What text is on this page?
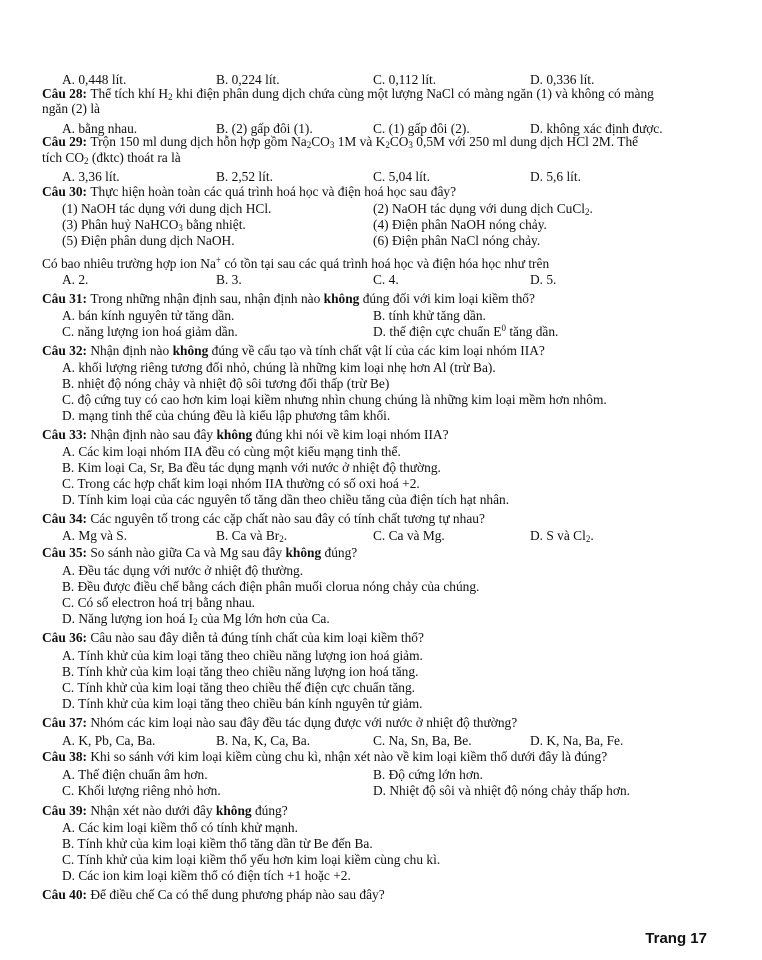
A. 0,448 lít.	B. 0,224 lít.	C. 0,112 lít.	D. 0,336 lít.
Câu 28: Thể tích khí $H_2$ khi điện phân dung dịch chứa cùng một lượng NaCl có màng ngăn (1) và không có màng
ngăn (2) là
A. bằng nhau.	B. (2) gấp đôi (1).	C. (1) gấp đôi (2).	D. không xác định được.
Câu 29: Trộn 150 ml dung dịch hỗn hợp gồm $Na_2CO_3$ 1M và $K_2CO_3$ 0,5M với 250 ml dung dịch HCl 2M. Thể
tích $CO_2$ (đktc) thoát ra là
A. 3,36 lít.	B. 2,52 lít.	C. 5,04 lít.	D. 5,6 lít.
Câu 30: Thực hiện hoàn toàn các quá trình hoá học và điện hoá học sau đây?
(1) NaOH tác dụng với dung dịch HCl.	(2) NaOH tác dụng với dung dịch CuCl$_2$.
(3) Phân huỷ NaHCO$_3$ bằng nhiệt.	(4) Điện phân NaOH nóng chảy.
(5) Điện phân dung dịch NaOH.	(6) Điện phân NaCl nóng chảy.
Có bao nhiêu trường hợp ion Na+ có tồn tại sau các quá trình hoá học và điện hóa học như trên
A. 2.	B. 3.	C. 4.	D. 5.
Câu 31: Trong những nhận định sau, nhận định nào không đúng đối với kim loại kiềm thổ?
A. bán kính nguyên tử tăng dần.	B. tính khử tăng dần.
C. năng lượng ion hoá giảm dần.	D. thế điện cực chuẩn $E^0$ tăng dần.
Câu 32: Nhận định nào không đúng về cấu tạo và tính chất vật lí của các kim loại nhóm IIA?
A. khối lượng riêng tương đối nhỏ, chúng là những kim loại nhẹ hơn Al (trừ Ba).
B. nhiệt độ nóng chảy và nhiệt độ sôi tương đối thấp (trừ Be)
C. độ cứng tuy có cao hơn kim loại kiềm nhưng nhìn chung chúng là những kim loại mềm hơn nhôm.
D. mạng tinh thể của chúng đều là kiểu lập phương tâm khối.
Câu 33: Nhận định nào sau đây không đúng khi nói về kim loại nhóm IIA?
A. Các kim loại nhóm IIA đều có cùng một kiểu mạng tinh thể.
B. Kim loại Ca, Sr, Ba đều tác dụng mạnh với nước ở nhiệt độ thường.
C. Trong các hợp chất kim loại nhóm IIA thường có số oxi hoá +2.
D. Tính kim loại của các nguyên tố tăng dần theo chiều tăng của điện tích hạt nhân.
Câu 34: Các nguyên tố trong các cặp chất nào sau đây có tính chất tương tự nhau?
A. Mg và S.	B. Ca và $Br_2$.	C. Ca và Mg.	D. S và $Cl_2$.
Câu 35: So sánh nào giữa Ca và Mg sau đây không đúng?
A. Đều tác dụng với nước ở nhiệt độ thường.
B. Đều được điều chế bằng cách điện phân muối clorua nóng chảy của chúng.
C. Có số electron hoá trị bằng nhau.
D. Năng lượng ion hoá $I_2$ của Mg lớn hơn của Ca.
Câu 36: Câu nào sau đây diễn tả đúng tính chất của kim loại kiềm thổ?
A. Tính khử của kim loại tăng theo chiều năng lượng ion hoá giảm.
B. Tính khử của kim loại tăng theo chiều năng lượng ion hoá tăng.
C. Tính khử của kim loại tăng theo chiều thế điện cực chuẩn tăng.
D. Tính khử của kim loại tăng theo chiều bán kính nguyên tử giảm.
Câu 37: Nhóm các kim loại nào sau đây đều tác dụng được với nước ở nhiệt độ thường?
A. K, Pb, Ca, Ba.	B. Na, K, Ca, Ba.	C. Na, Sn, Ba, Be.	D. K, Na, Ba, Fe.
Câu 38: Khi so sánh với kim loại kiềm cùng chu kì, nhận xét nào về kim loại kiềm thổ dưới đây là đúng?
A. Thế điện chuẩn âm hơn.	B. Độ cứng lớn hơn.
C. Khối lượng riêng nhỏ hơn.	D. Nhiệt độ sôi và nhiệt độ nóng chảy thấp hơn.
Câu 39: Nhận xét nào dưới đây không đúng?
A. Các kim loại kiềm thổ có tính khử mạnh.
B. Tính khử của kim loại kiềm thổ tăng dần từ Be đến Ba.
C. Tính khử của kim loại kiềm thổ yếu hơn kim loại kiềm cùng chu kì.
D. Các ion kim loại kiềm thổ có điện tích +1 hoặc +2.
Câu 40: Để điều chế Ca có thể dung phương pháp nào sau đây?
Trang 17
